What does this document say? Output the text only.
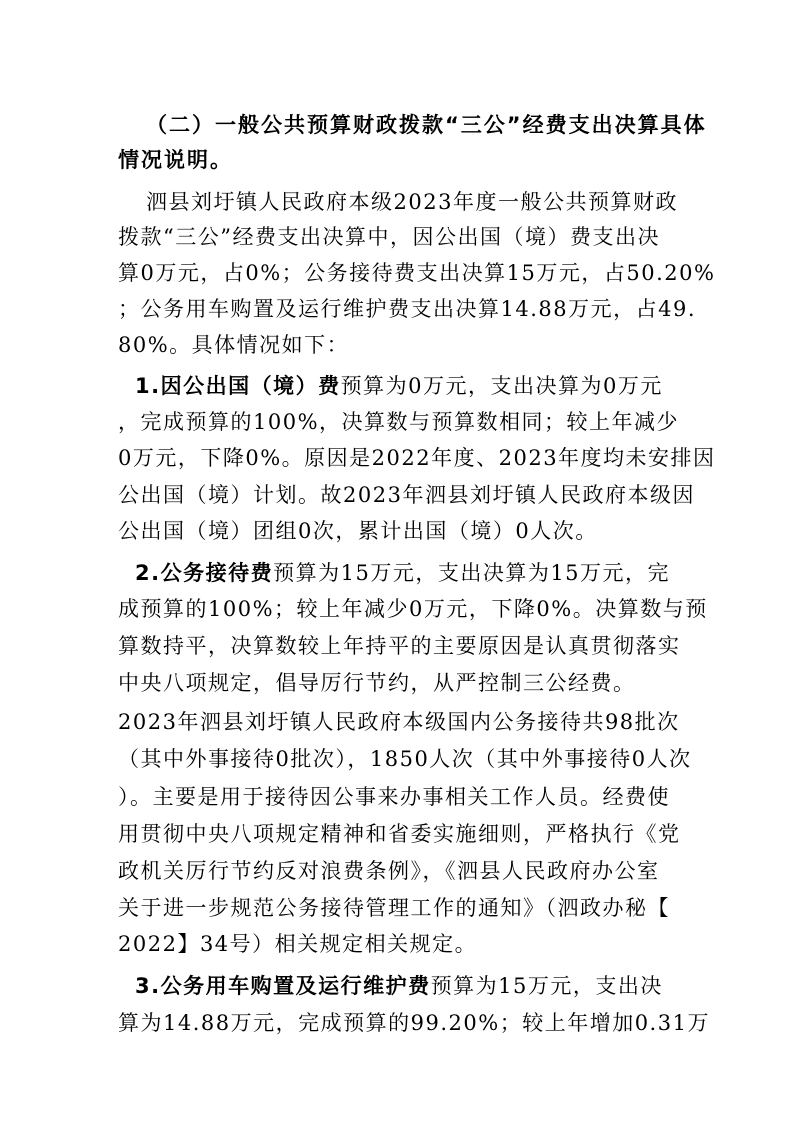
（二）一般公共预算财政拨款“三公”经费支出决算具体
情况说明。
泗县刘圩镇人民政府本级2023年度一般公共预算财政
拨款“三公”经费支出决算中，因公出国（境）费支出决
算0万元，占0%；公务接待费支出决算15万元，占50.20%
；公务用车购置及运行维护费支出决算14.88万元，占49.
80%。具体情况如下：
1.因公出国（境）费预算为0万元，支出决算为0万元
，完成预算的100%，决算数与预算数相同；较上年减少
0万元，下降0%。原因是2022年度、2023年度均未安排因
公出国（境）计划。故2023年泗县刘圩镇人民政府本级因
公出国（境）团组0次，累计出国（境）0人次。
2.公务接待费预算为15万元，支出决算为15万元，完
成预算的100%；较上年减少0万元，下降0%。决算数与预
算数持平，决算数较上年持平的主要原因是认真贯彻落实
中央八项规定，倡导厉行节约，从严控制三公经费。
2023年泗县刘圩镇人民政府本级国内公务接待共98批次
（其中外事接待0批次），1850人次（其中外事接待0人次
）。主要是用于接待因公事来办事相关工作人员。经费使
用贯彻中央八项规定精神和省委实施细则，严格执行《党
政机关厉行节约反对浪费条例》，《泗县人民政府办公室
关于进一步规范公务接待管理工作的通知》（泗政办秘【
2022】34号）相关规定相关规定。
3.公务用车购置及运行维护费预算为15万元，支出决
算为14.88万元，完成预算的99.20%；较上年增加0.31万
